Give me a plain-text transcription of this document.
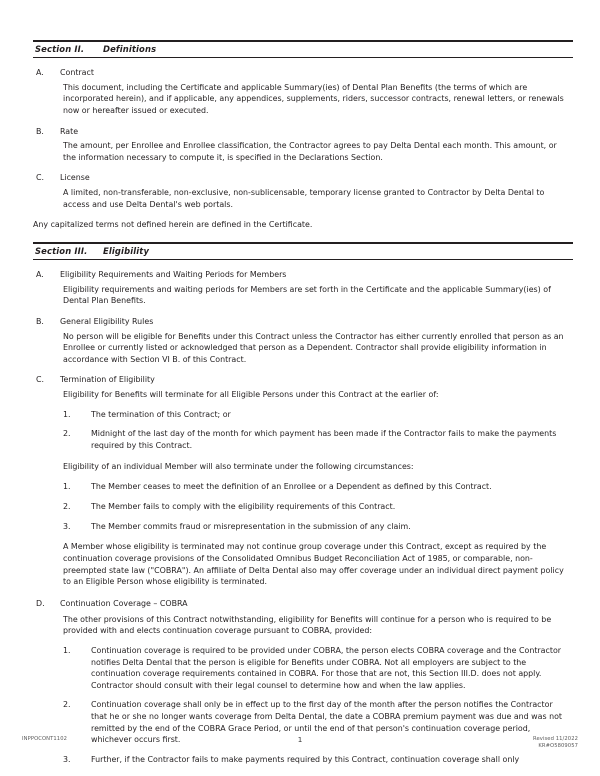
Section II.	Definitions
A.	Contract

This document, including the Certificate and applicable Summary(ies) of Dental Plan Benefits (the terms of which are incorporated herein), and if applicable, any appendices, supplements, riders, successor contracts, renewal letters, or renewals now or hereafter issued or executed.

B.	Rate

The amount, per Enrollee and Enrollee classification, the Contractor agrees to pay Delta Dental each month. This amount, or the information necessary to compute it, is specified in the Declarations Section.

C.	License

A limited, non-transferable, non-exclusive, non-sublicensable, temporary license granted to Contractor by Delta Dental to access and use Delta Dental's web portals.

Any capitalized terms not defined herein are defined in the Certificate.

Section III.	Eligibility
A.	Eligibility Requirements and Waiting Periods for Members

Eligibility requirements and waiting periods for Members are set forth in the Certificate and the applicable Summary(ies) of Dental Plan Benefits.

B.	General Eligibility Rules

No person will be eligible for Benefits under this Contract unless the Contractor has either currently enrolled that person as an Enrollee or currently listed or acknowledged that person as a Dependent. Contractor shall provide eligibility information in accordance with Section VI B. of this Contract.

C.	Termination of Eligibility

Eligibility for Benefits will terminate for all Eligible Persons under this Contract at the earlier of:

1.	The termination of this Contract; or
2.	Midnight of the last day of the month for which payment has been made if the Contractor fails to make the payments required by this Contract.

Eligibility of an individual Member will also terminate under the following circumstances:

1.	The Member ceases to meet the definition of an Enrollee or a Dependent as defined by this Contract.
2.	The Member fails to comply with the eligibility requirements of this Contract.
3.	The Member commits fraud or misrepresentation in the submission of any claim.

A Member whose eligibility is terminated may not continue group coverage under this Contract, except as required by the continuation coverage provisions of the Consolidated Omnibus Budget Reconciliation Act of 1985, or comparable, non-preempted state law ("COBRA"). An affiliate of Delta Dental also may offer coverage under an individual direct payment policy to an Eligible Person whose eligibility is terminated.

D.	Continuation Coverage – COBRA

The other provisions of this Contract notwithstanding, eligibility for Benefits will continue for a person who is required to be provided with and elects continuation coverage pursuant to COBRA, provided:

1.	Continuation coverage is required to be provided under COBRA, the person elects COBRA coverage and the Contractor notifies Delta Dental that the person is eligible for Benefits under COBRA. Not all employers are subject to the continuation coverage requirements contained in COBRA. For those that are not, this Section III.D. does not apply. Contractor should consult with their legal counsel to determine how and when the law applies.
2.	Continuation coverage shall only be in effect up to the first day of the month after the person notifies the Contractor that he or she no longer wants coverage from Delta Dental, the date a COBRA premium payment was due and was not remitted by the end of the COBRA Grace Period, or until the end of that person's continuation coverage period, whichever occurs first.
3.	Further, if the Contractor fails to make payments required by this Contract, continuation coverage shall only
INPPOCONT1102	1	Revised 11/2022
KR#O5809057
